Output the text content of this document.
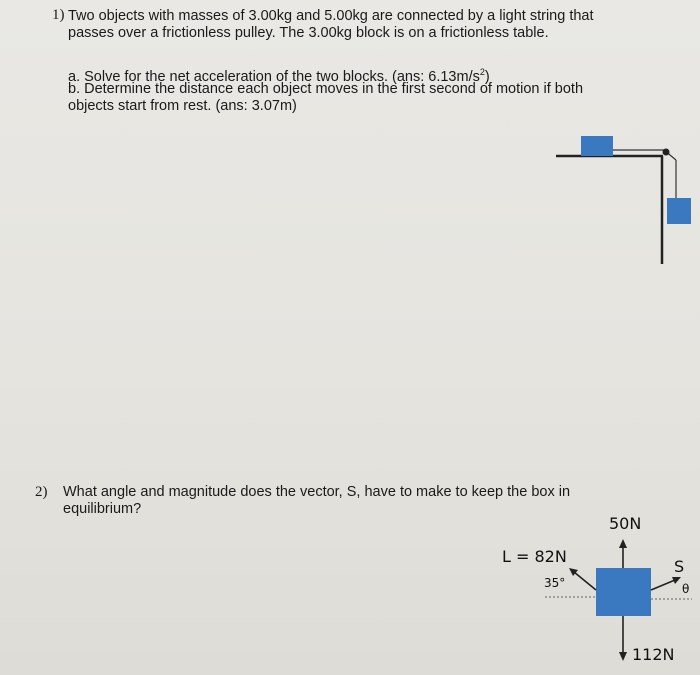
1) Two objects with masses of 3.00kg and 5.00kg are connected by a light string that
passes over a frictionless pulley. The 3.00kg block is on a frictionless table.
a. Solve for the net acceleration of the two blocks. (ans: $6.13m/s^2$)
b. Determine the distance each object moves in the first second of motion if both
objects start from rest. (ans: 3.07m)
2) What angle and magnitude does the vector, S, have to make to keep the box in
equilibrium?
50N
L = 82N
35°
S
θ
112N
